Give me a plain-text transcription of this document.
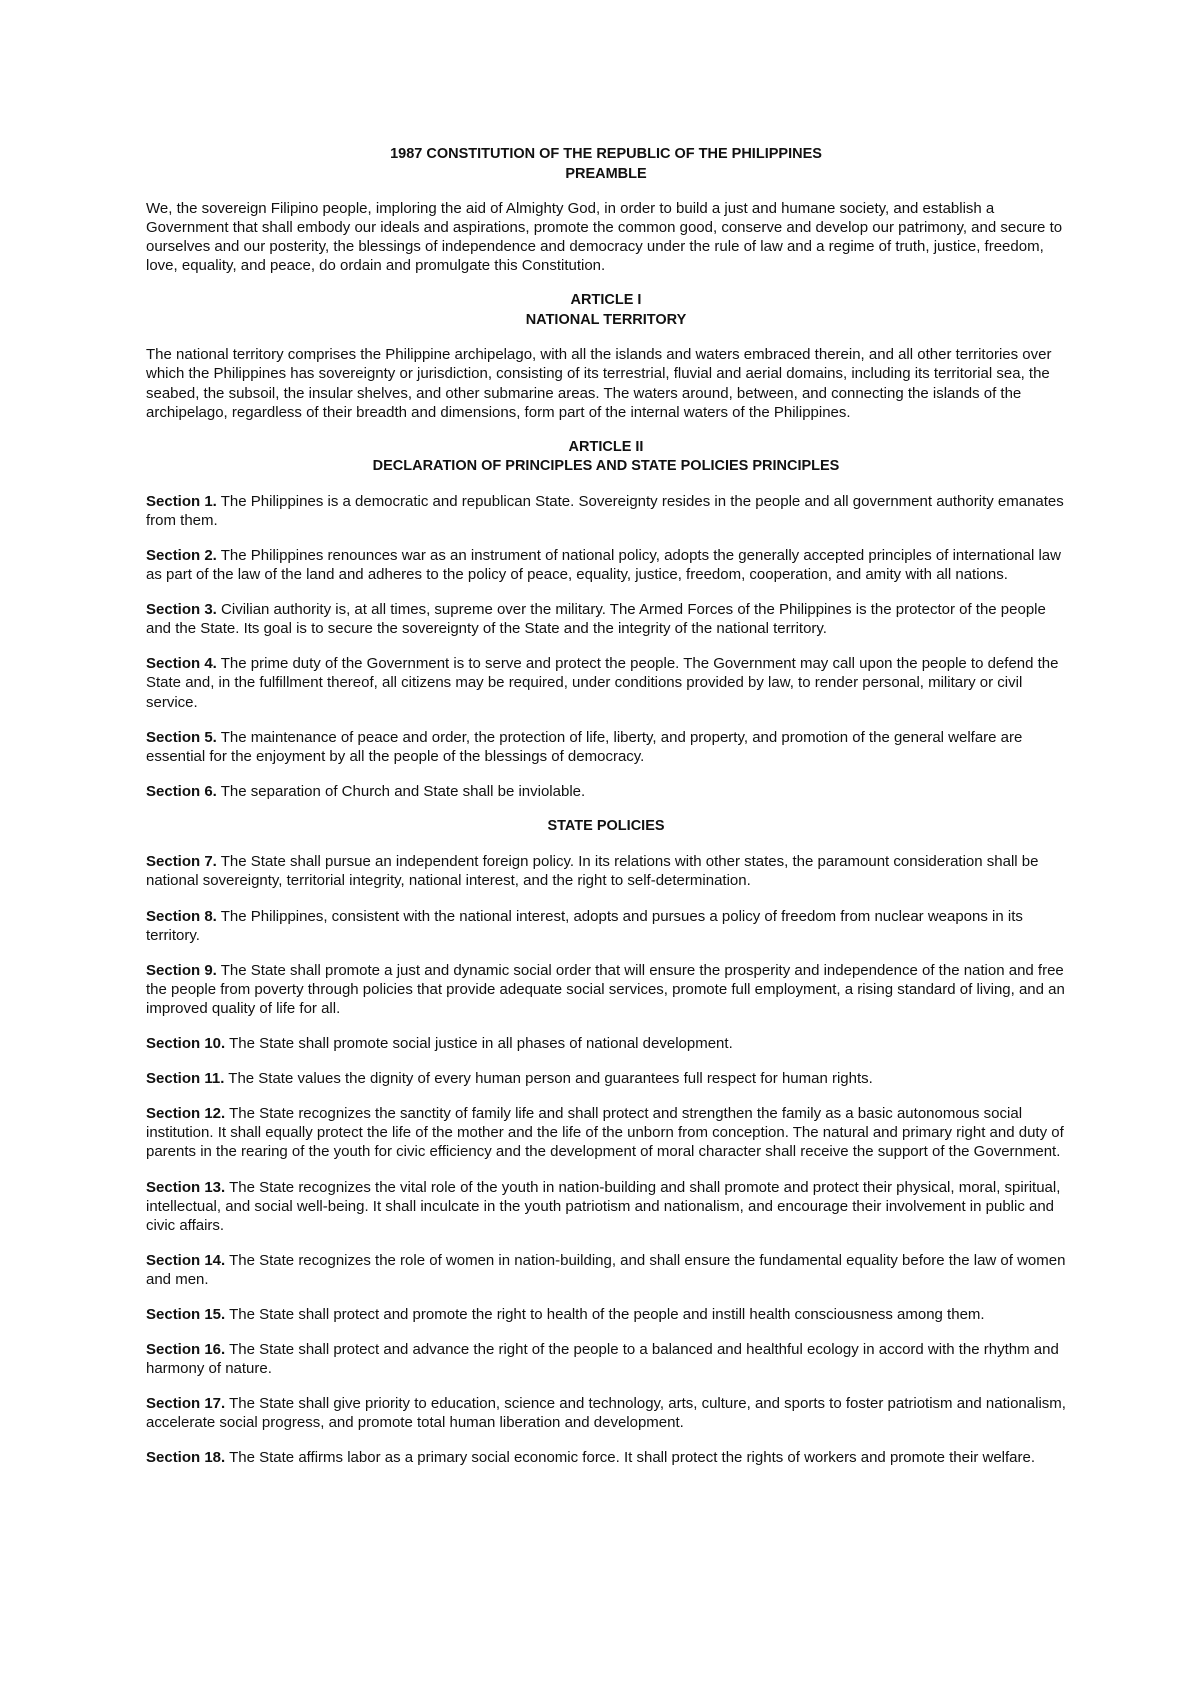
1987 CONSTITUTION OF THE REPUBLIC OF THE PHILIPPINES

PREAMBLE

We, the sovereign Filipino people, imploring the aid of Almighty God, in order to build a just and humane society, and establish a Government that shall embody our ideals and aspirations, promote the common good, conserve and develop our patrimony, and secure to ourselves and our posterity, the blessings of independence and democracy under the rule of law and a regime of truth, justice, freedom, love, equality, and peace, do ordain and promulgate this Constitution.

ARTICLE I

NATIONAL TERRITORY

The national territory comprises the Philippine archipelago, with all the islands and waters embraced therein, and all other territories over which the Philippines has sovereignty or jurisdiction, consisting of its terrestrial, fluvial and aerial domains, including its territorial sea, the seabed, the subsoil, the insular shelves, and other submarine areas. The waters around, between, and connecting the islands of the archipelago, regardless of their breadth and dimensions, form part of the internal waters of the Philippines.

ARTICLE II

DECLARATION OF PRINCIPLES AND STATE POLICIES PRINCIPLES

Section 1. The Philippines is a democratic and republican State. Sovereignty resides in the people and all government authority emanates from them.

Section 2. The Philippines renounces war as an instrument of national policy, adopts the generally accepted principles of international law as part of the law of the land and adheres to the policy of peace, equality, justice, freedom, cooperation, and amity with all nations.

Section 3. Civilian authority is, at all times, supreme over the military. The Armed Forces of the Philippines is the protector of the people and the State. Its goal is to secure the sovereignty of the State and the integrity of the national territory.

Section 4. The prime duty of the Government is to serve and protect the people. The Government may call upon the people to defend the State and, in the fulfillment thereof, all citizens may be required, under conditions provided by law, to render personal, military or civil service.

Section 5. The maintenance of peace and order, the protection of life, liberty, and property, and promotion of the general welfare are essential for the enjoyment by all the people of the blessings of democracy.

Section 6. The separation of Church and State shall be inviolable.

STATE POLICIES

Section 7. The State shall pursue an independent foreign policy. In its relations with other states, the paramount consideration shall be national sovereignty, territorial integrity, national interest, and the right to self-determination.

Section 8. The Philippines, consistent with the national interest, adopts and pursues a policy of freedom from nuclear weapons in its territory.

Section 9. The State shall promote a just and dynamic social order that will ensure the prosperity and independence of the nation and free the people from poverty through policies that provide adequate social services, promote full employment, a rising standard of living, and an improved quality of life for all.

Section 10. The State shall promote social justice in all phases of national development.

Section 11. The State values the dignity of every human person and guarantees full respect for human rights.

Section 12. The State recognizes the sanctity of family life and shall protect and strengthen the family as a basic autonomous social institution. It shall equally protect the life of the mother and the life of the unborn from conception. The natural and primary right and duty of parents in the rearing of the youth for civic efficiency and the development of moral character shall receive the support of the Government.

Section 13. The State recognizes the vital role of the youth in nation-building and shall promote and protect their physical, moral, spiritual, intellectual, and social well-being. It shall inculcate in the youth patriotism and nationalism, and encourage their involvement in public and civic affairs.

Section 14. The State recognizes the role of women in nation-building, and shall ensure the fundamental equality before the law of women and men.

Section 15. The State shall protect and promote the right to health of the people and instill health consciousness among them.

Section 16. The State shall protect and advance the right of the people to a balanced and healthful ecology in accord with the rhythm and harmony of nature.

Section 17. The State shall give priority to education, science and technology, arts, culture, and sports to foster patriotism and nationalism, accelerate social progress, and promote total human liberation and development.

Section 18. The State affirms labor as a primary social economic force. It shall protect the rights of workers and promote their welfare.
